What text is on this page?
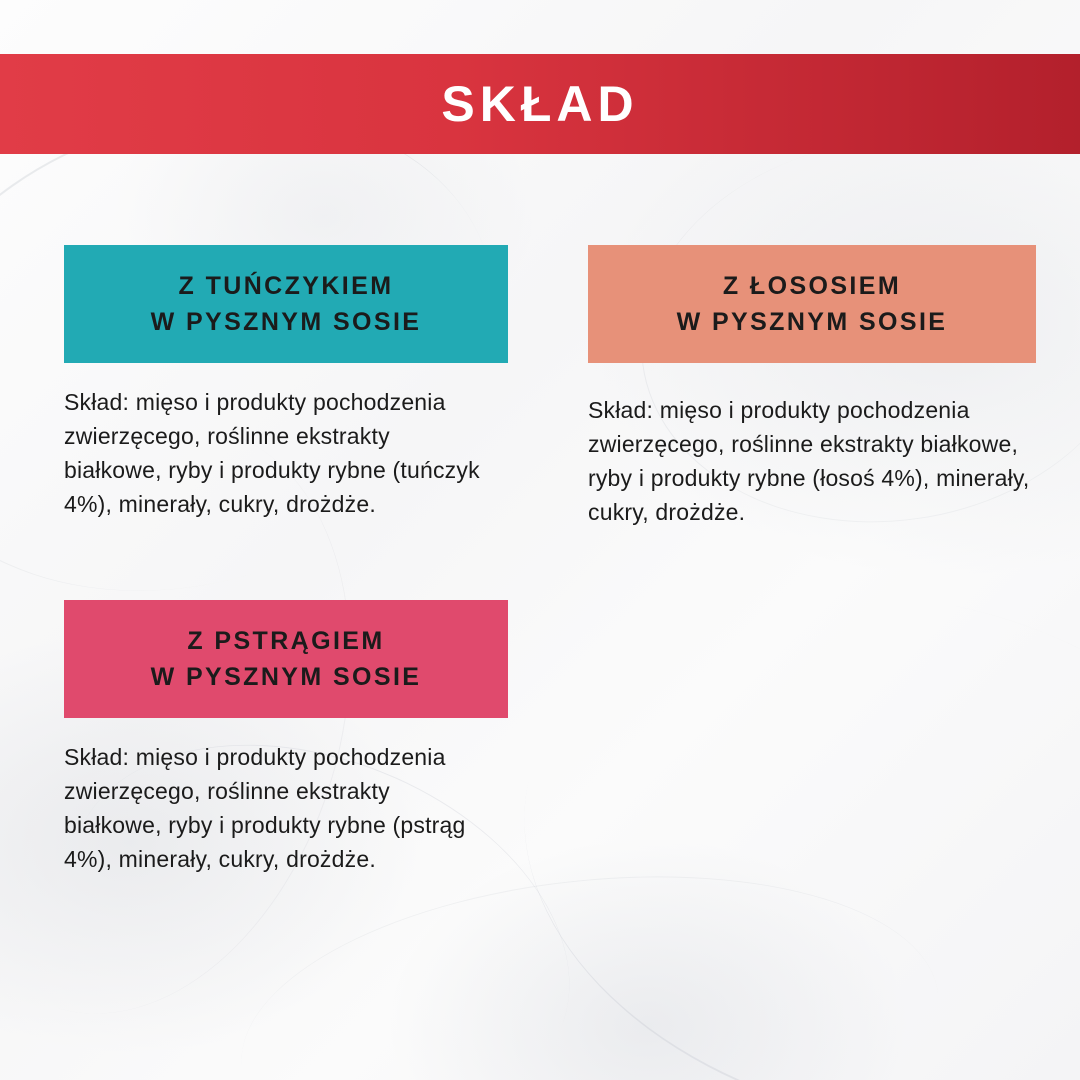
SKŁAD
Z TUŃCZYKIEM
W PYSZNYM SOSIE
Skład: mięso i produkty pochodzenia zwierzęcego, roślinne ekstrakty białkowe, ryby i produkty rybne (tuńczyk 4%), minerały, cukry, drożdże.
Z ŁOSOSIEM
W PYSZNYM SOSIE
Skład: mięso i produkty pochodzenia zwierzęcego, roślinne ekstrakty białkowe, ryby i produkty rybne (łosoś 4%), minerały, cukry, drożdże.
Z PSTRĄGIEM
W PYSZNYM SOSIE
Skład: mięso i produkty pochodzenia zwierzęcego, roślinne ekstrakty białkowe, ryby i produkty rybne (pstrąg 4%), minerały, cukry, drożdże.
